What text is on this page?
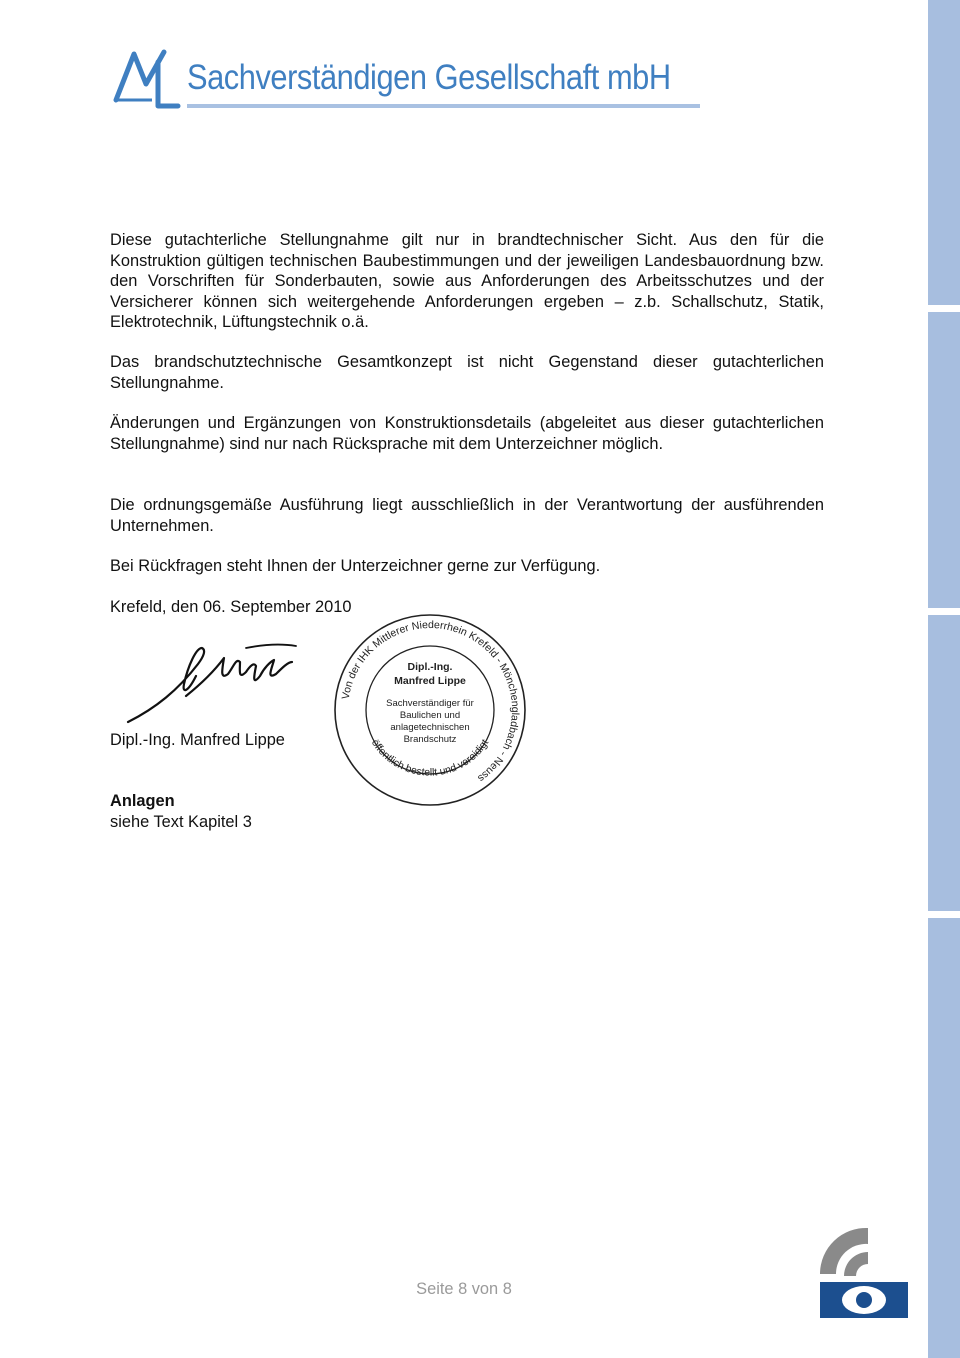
Sachverständigen Gesellschaft mbH
Diese gutachterliche Stellungnahme gilt nur in brandtechnischer Sicht. Aus den für die Konstruktion gültigen technischen Baubestimmungen und der jeweiligen Landesbauordnung bzw. den Vorschriften für Sonderbauten, sowie aus Anforderungen des Arbeitsschutzes und der Versicherer können sich weitergehende Anforderungen ergeben – z.b. Schallschutz, Statik, Elektrotechnik, Lüftungstechnik o.ä.
Das brandschutztechnische Gesamtkonzept ist nicht Gegenstand dieser gutachterlichen Stellungnahme.
Änderungen und Ergänzungen von Konstruktionsdetails (abgeleitet aus dieser gutachterlichen Stellungnahme) sind nur nach Rücksprache mit dem Unterzeichner möglich.
Die ordnungsgemäße Ausführung liegt ausschließlich in der Verantwortung der ausführenden Unternehmen.
Bei Rückfragen steht Ihnen der Unterzeichner gerne zur Verfügung.
Krefeld, den 06. September 2010
Von der IHK Mittlerer Niederrhein Krefeld - Mönchengladbach - Neuss
öffentlich bestellt und vereidigt
Dipl.-Ing.
Manfred Lippe
Sachverständiger für
Baulichen und
anlagetechnischen
Brandschutz
Dipl.-Ing. Manfred Lippe
Anlagen
siehe Text Kapitel 3
Seite 8 von 8
